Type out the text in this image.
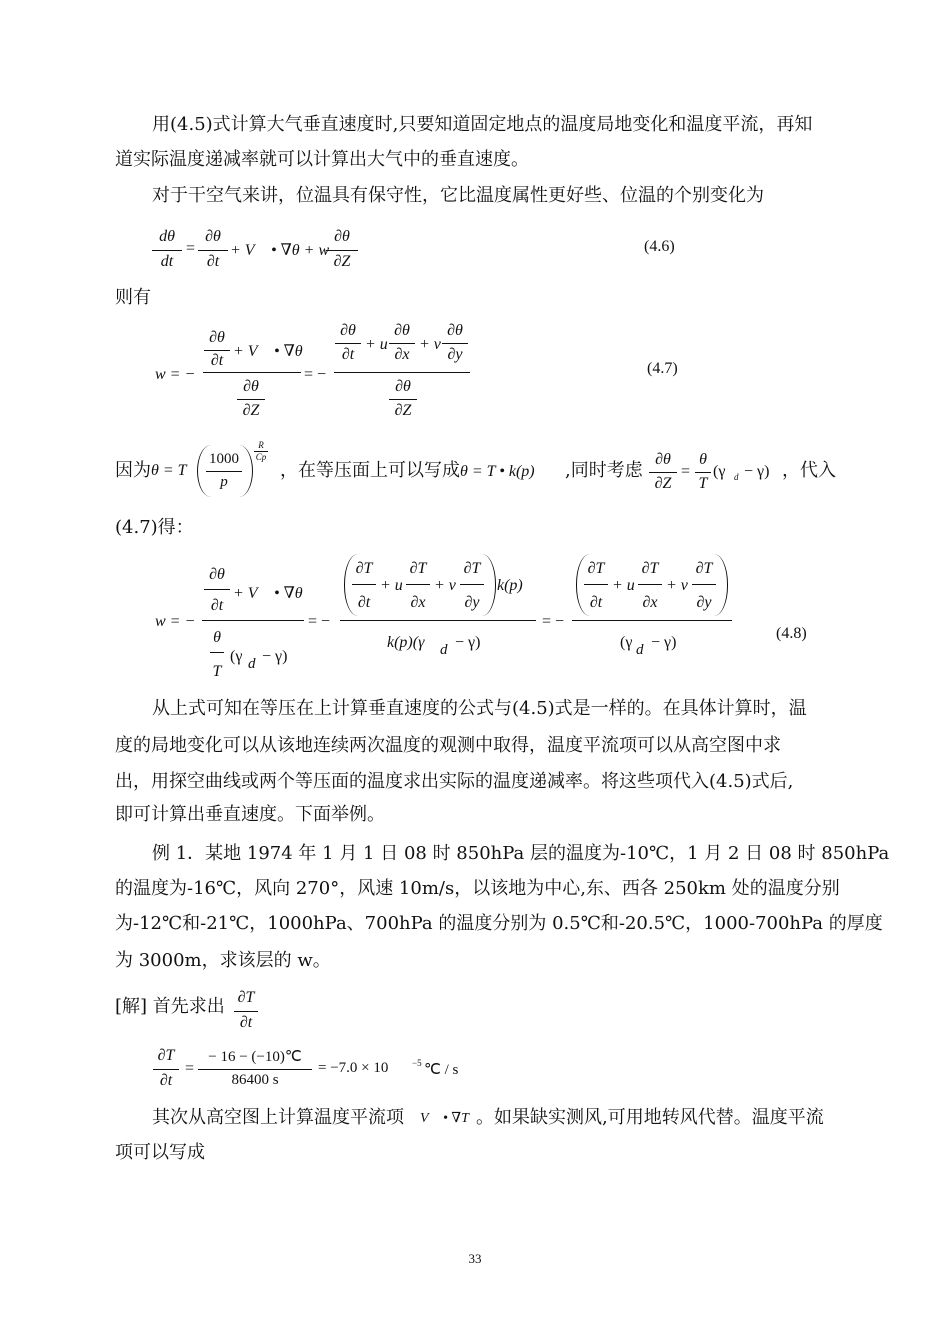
用(4.5)式计算大气垂直速度时,只要知道固定地点的温度局地变化和温度平流，再知
道实际温度递减率就可以计算出大气中的垂直速度。
对于干空气来讲，位温具有保守性，它比温度属性更好些、位温的个别变化为
dθ
dt
=
∂θ
∂t
+ V⃗ • ∇θ + w
∂θ
∂Z
(4.6)
则有
w = −
∂θ
∂t
+ V⃗ • ∇θ
∂θ
∂Z
= −
∂θ
∂t
+ u
∂θ
∂x
+ v
∂θ
∂y
∂θ
∂Z
(4.7)
因为 θ = T
1000
p
R
Cp
，在等压面上可以写成 θ = T • k(p) ,同时考虑
∂θ
∂Z
=
θ
T
(γ d − γ) ，代入
(4.7)得：
w = −
∂θ
∂t
+ V⃗ • ∇θ
θ
T
(γ d − γ)
= −
∂T
∂t
+ u
∂T
∂x
+ v
∂T
∂y
k(p)
k(p)(γ d − γ)
= −
∂T
∂t
+ u
∂T
∂x
+ v
∂T
∂y
(γ d − γ)
(4.8)
从上式可知在等压在上计算垂直速度的公式与(4.5)式是一样的。在具体计算时，温
度的局地变化可以从该地连续两次温度的观测中取得，温度平流项可以从高空图中求
出，用探空曲线或两个等压面的温度求出实际的温度递减率。将这些项代入(4.5)式后,
即可计算出垂直速度。下面举例。
例 1．某地 1974 年 1 月 1 日 08 时 850hPa 层的温度为-10℃，1 月 2 日 08 时 850hPa
的温度为-16℃，风向 270°，风速 10m/s，以该地为中心,东、西各 250km 处的温度分别
为-12℃和-21℃，1000hPa、700hPa 的温度分别为 0.5℃和-20.5℃，1000-700hPa 的厚度
为 3000m，求该层的 w。
[解] 首先求出 ∂T
∂t
∂T
∂t
=
− 16 − (−10)℃
86400 s
= −7.0 × 10	−5 ℃ / s
其次从高空图上计算温度平流项 V⃗ • ∇T 。如果缺实测风,可用地转风代替。温度平流
项可以写成
33
